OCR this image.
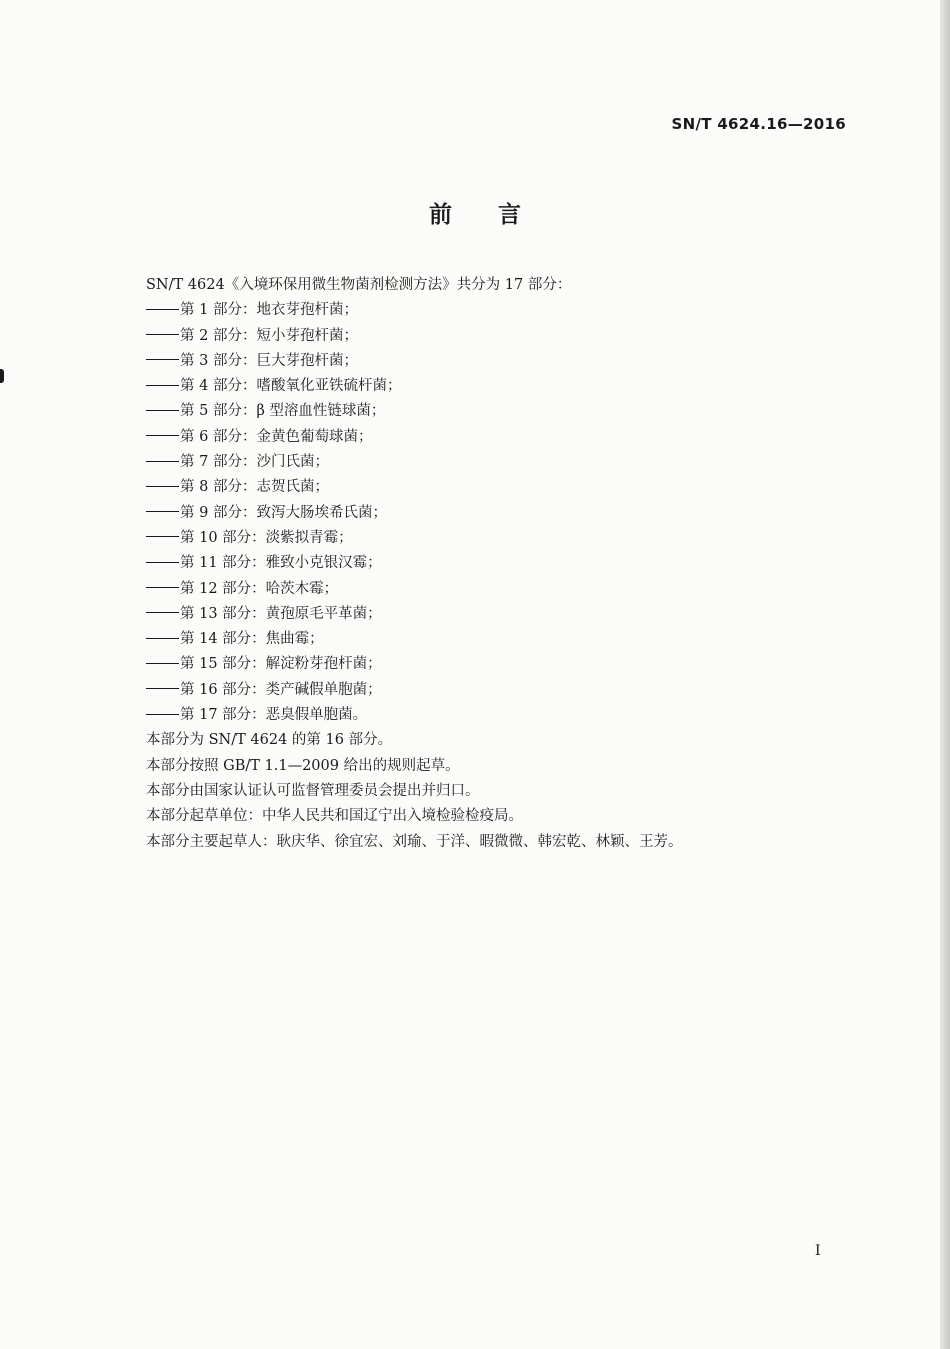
SN/T 4624.16—2016
前言
SN/T 4624《入境环保用微生物菌剂检测方法》共分为 17 部分：
第 1 部分：地衣芽孢杆菌；
第 2 部分：短小芽孢杆菌；
第 3 部分：巨大芽孢杆菌；
第 4 部分：嗜酸氧化亚铁硫杆菌；
第 5 部分：β 型溶血性链球菌；
第 6 部分：金黄色葡萄球菌；
第 7 部分：沙门氏菌；
第 8 部分：志贺氏菌；
第 9 部分：致泻大肠埃希氏菌；
第 10 部分：淡紫拟青霉；
第 11 部分：雅致小克银汉霉；
第 12 部分：哈茨木霉；
第 13 部分：黄孢原毛平革菌；
第 14 部分：焦曲霉；
第 15 部分：解淀粉芽孢杆菌；
第 16 部分：类产碱假单胞菌；
第 17 部分：恶臭假单胞菌。
本部分为 SN/T 4624 的第 16 部分。
本部分按照 GB/T 1.1—2009 给出的规则起草。
本部分由国家认证认可监督管理委员会提出并归口。
本部分起草单位：中华人民共和国辽宁出入境检验检疫局。
本部分主要起草人：耿庆华、徐宜宏、刘瑜、于洋、暇微微、韩宏乾、林颖、王芳。
I
